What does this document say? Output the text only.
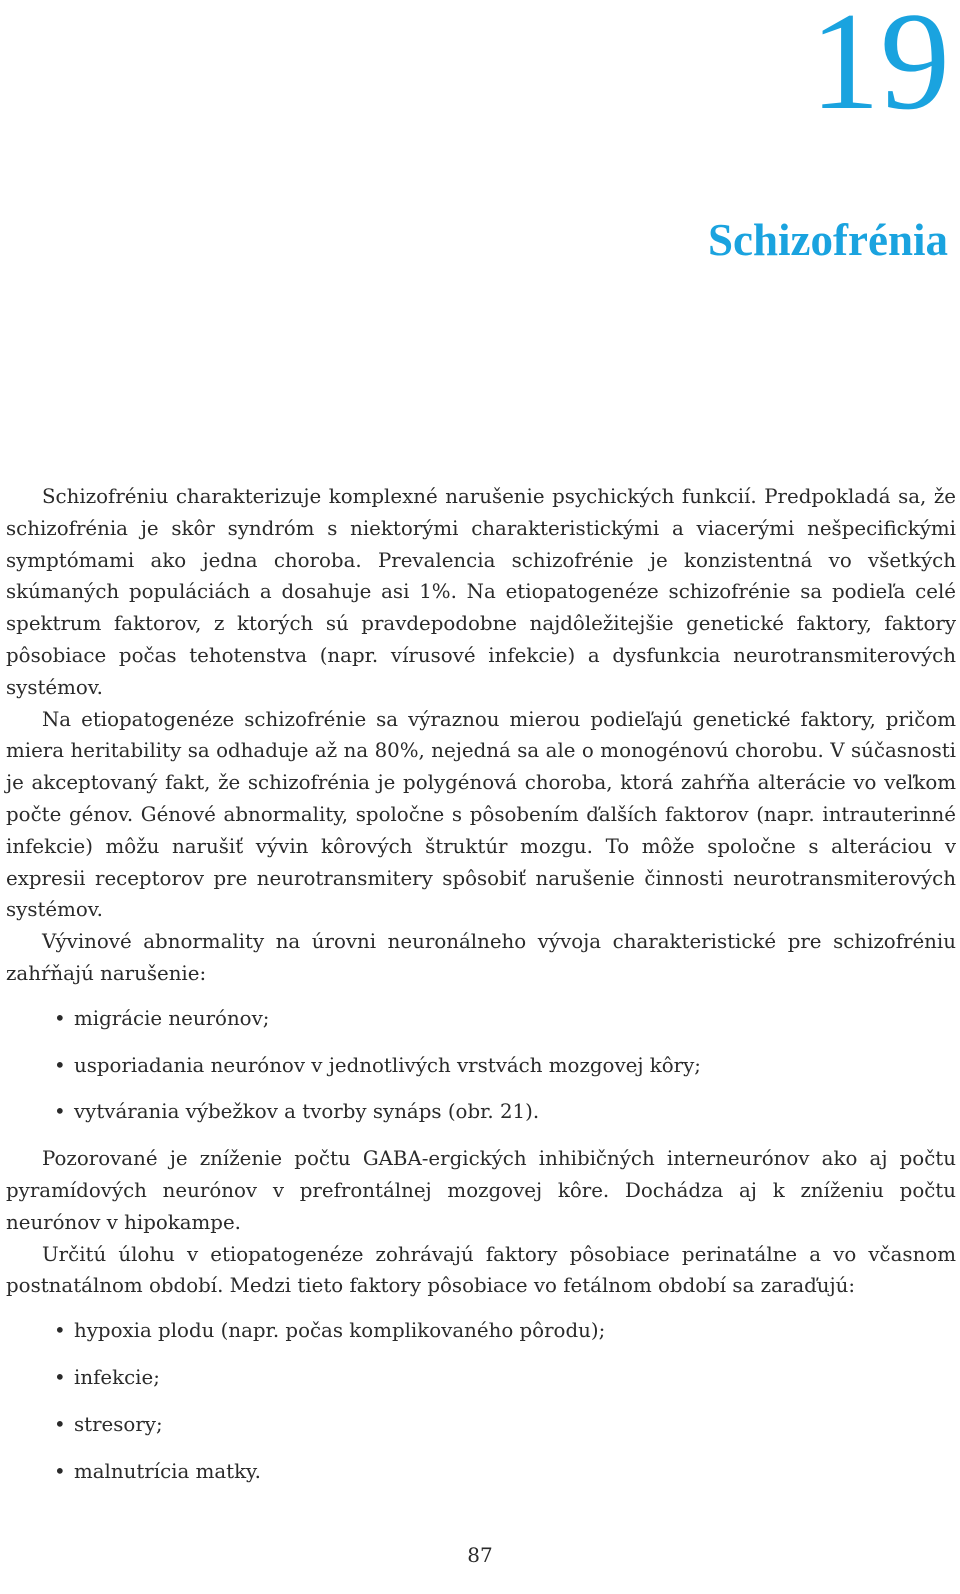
19
Schizofrénia

Schizofréniu charakterizuje komplexné narušenie psychických funkcií. Predpokladá sa, že schizofrénia je skôr syndróm s niektorými charakteristickými a viacerými nešpecifickými symptómami ako jedna choroba. Prevalencia schizofrénie je konzistentná vo všetkých skúmaných populáciách a dosahuje asi 1%. Na etiopatogenéze schizofrénie sa podieľa celé spektrum faktorov, z ktorých sú pravdepodobne najdôležitejšie genetické faktory, faktory pôsobiace počas tehotenstva (napr. vírusové infekcie) a dysfunkcia neurotransmiterových systémov.

Na etiopatogenéze schizofrénie sa výraznou mierou podieľajú genetické faktory, pričom miera heritability sa odhaduje až na 80%, nejedná sa ale o monogénovú chorobu. V súčasnosti je akceptovaný fakt, že schizofrénia je polygénová choroba, ktorá zahŕňa alterácie vo veľkom počte génov. Génové abnormality, spoločne s pôsobením ďalších faktorov (napr. intrauterinné infekcie) môžu narušiť vývin kôrových štruktúr mozgu. To môže spoločne s alteráciou v expresii receptorov pre neurotransmitery spôsobiť narušenie činnosti neurotransmiterových systémov.

Vývinové abnormality na úrovni neuronálneho vývoja charakteristické pre schizofréniu zahŕňajú narušenie:

• migrácie neurónov;
• usporiadania neurónov v jednotlivých vrstvách mozgovej kôry;
• vytvárania výbežkov a tvorby synáps (obr. 21).

Pozorované je zníženie počtu GABA-ergických inhibičných interneurónov ako aj počtu pyramídových neurónov v prefrontálnej mozgovej kôre. Dochádza aj k zníženiu počtu neurónov v hipokampe.

Určitú úlohu v etiopatogenéze zohrávajú faktory pôsobiace perinatálne a vo včasnom postnatálnom období. Medzi tieto faktory pôsobiace vo fetálnom období sa zaraďujú:

• hypoxia plodu (napr. počas komplikovaného pôrodu);
• infekcie;
• stresory;
• malnutrícia matky.
87
